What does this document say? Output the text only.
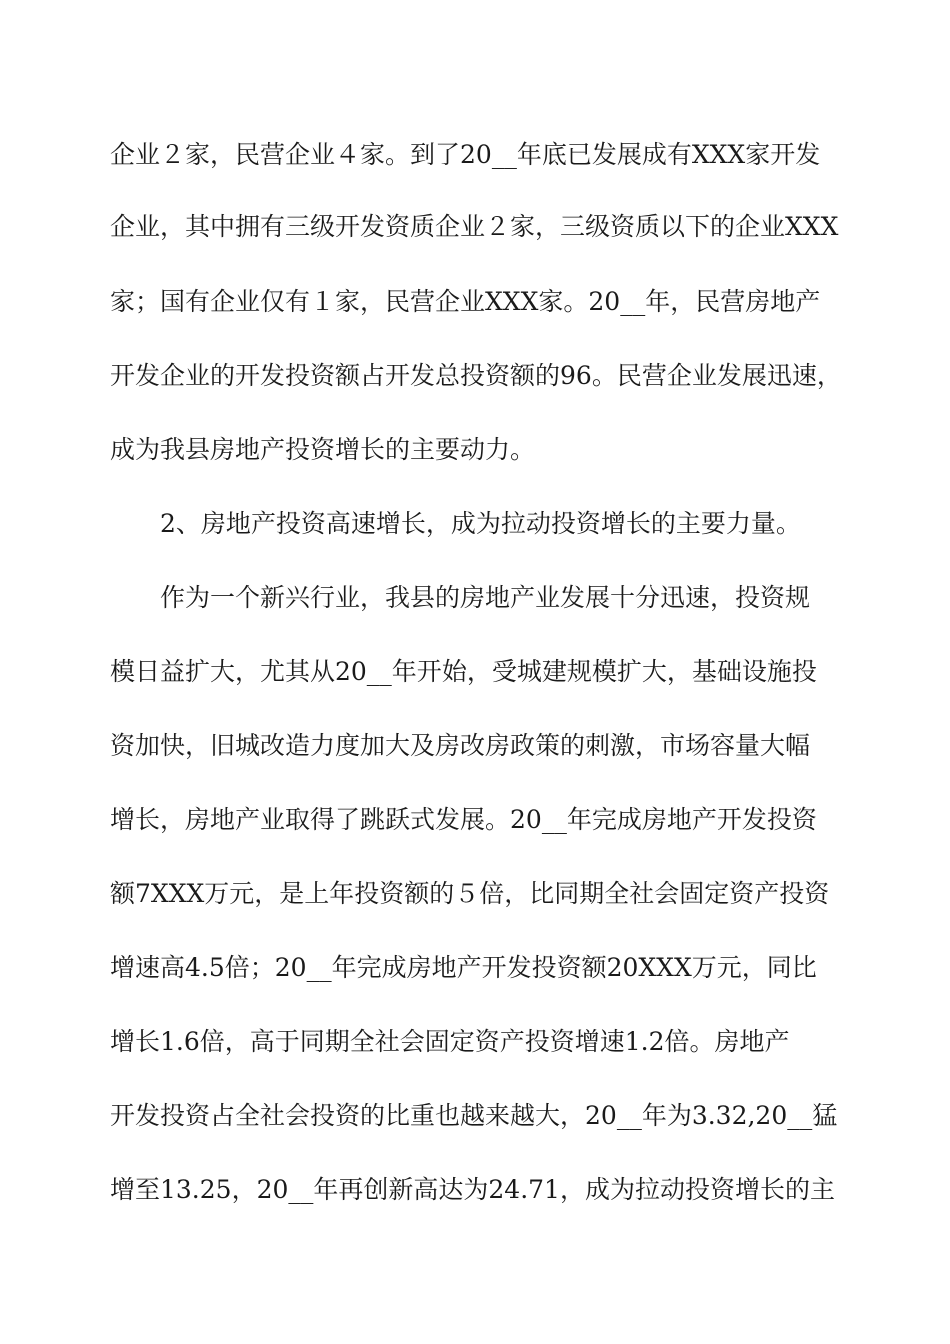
企业２家，民营企业４家。到了20__年底已发展成有XXX家开发
企业，其中拥有三级开发资质企业２家，三级资质以下的企业XXX
家；国有企业仅有１家，民营企业XXX家。20__年，民营房地产
开发企业的开发投资额占开发总投资额的96。民营企业发展迅速，
成为我县房地产投资增长的主要动力。
2、房地产投资高速增长，成为拉动投资增长的主要力量。
作为一个新兴行业，我县的房地产业发展十分迅速，投资规
模日益扩大，尤其从20__年开始，受城建规模扩大，基础设施投
资加快，旧城改造力度加大及房改房政策的刺激，市场容量大幅
增长，房地产业取得了跳跃式发展。20__年完成房地产开发投资
额7XXX万元，是上年投资额的５倍，比同期全社会固定资产投资
增速高4.5倍；20__年完成房地产开发投资额20XXX万元，同比
增长1.6倍，高于同期全社会固定资产投资增速1.2倍。房地产
开发投资占全社会投资的比重也越来越大，20__年为3.32,20__猛
增至13.25，20__年再创新高达为24.71，成为拉动投资增长的主
